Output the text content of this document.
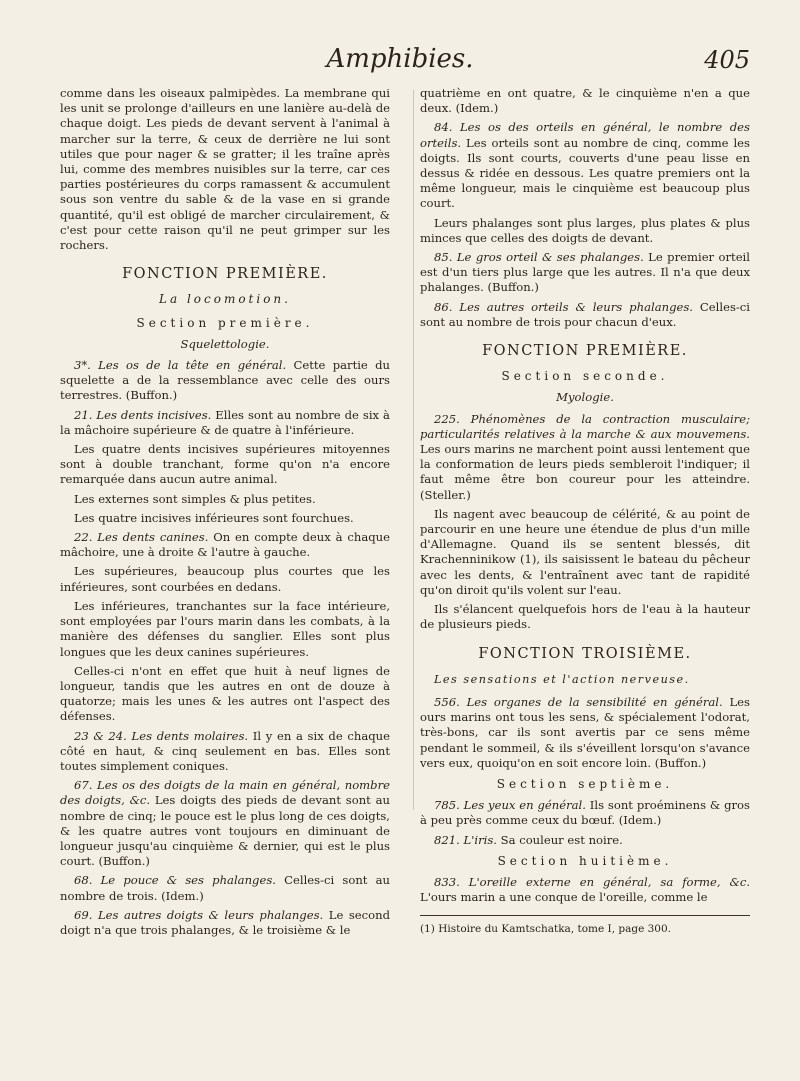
Amphibies.	405

comme dans les oiseaux palmipèdes. La membrane qui les unit se prolonge d'ailleurs en une lanière au-delà de chaque doigt. Les pieds de devant servent à l'animal à marcher sur la terre, & ceux de derrière ne lui sont utiles que pour nager & se gratter; il les traîne après lui, comme des membres nuisibles sur la terre, car ces parties postérieures du corps ramassent & accumulent sous son ventre du sable & de la vase en si grande quantité, qu'il est obligé de marcher circulairement, & c'est pour cette raison qu'il ne peut grimper sur les rochers.

FONCTION PREMIÈRE.
La locomotion.
Section première.
Squelettologie.

3*. Les os de la tête en général. Cette partie du squelette a de la ressemblance avec celle des ours terrestres. (Buffon.)

21. Les dents incisives. Elles sont au nombre de six à la mâchoire supérieure & de quatre à l'inférieure.

Les quatre dents incisives supérieures mitoyennes sont à double tranchant, forme qu'on n'a encore remarquée dans aucun autre animal.

Les externes sont simples & plus petites.

Les quatre incisives inférieures sont fourchues.

22. Les dents canines. On en compte deux à chaque mâchoire, une à droite & l'autre à gauche.

Les supérieures, beaucoup plus courtes que les inférieures, sont courbées en dedans.

Les inférieures, tranchantes sur la face intérieure, sont employées par l'ours marin dans les combats, à la manière des défenses du sanglier. Elles sont plus longues que les deux canines supérieures.

Celles-ci n'ont en effet que huit à neuf lignes de longueur, tandis que les autres en ont de douze à quatorze; mais les unes & les autres ont l'aspect des défenses.

23 & 24. Les dents molaires. Il y en a six de chaque côté en haut, & cinq seulement en bas. Elles sont toutes simplement coniques.

67. Les os des doigts de la main en général, nombre des doigts, &c. Les doigts des pieds de devant sont au nombre de cinq; le pouce est le plus long de ces doigts, & les quatre autres vont toujours en diminuant de longueur jusqu'au cinquième & dernier, qui est le plus court. (Buffon.)

68. Le pouce & ses phalanges. Celles-ci sont au nombre de trois. (Idem.)

69. Les autres doigts & leurs phalanges. Le second doigt n'a que trois phalanges, & le troisième & le

quatrième en ont quatre, & le cinquième n'en a que deux. (Idem.)

84. Les os des orteils en général, le nombre des orteils. Les orteils sont au nombre de cinq, comme les doigts. Ils sont courts, couverts d'une peau lisse en dessus & ridée en dessous. Les quatre premiers ont la même longueur, mais le cinquième est beaucoup plus court.

Leurs phalanges sont plus larges, plus plates & plus minces que celles des doigts de devant.

85. Le gros orteil & ses phalanges. Le premier orteil est d'un tiers plus large que les autres. Il n'a que deux phalanges. (Buffon.)

86. Les autres orteils & leurs phalanges. Celles-ci sont au nombre de trois pour chacun d'eux.

FONCTION PREMIÈRE.
Section seconde.
Myologie.

225. Phénomènes de la contraction musculaire; particularités relatives à la marche & aux mouvemens. Les ours marins ne marchent point aussi lentement que la conformation de leurs pieds sembleroit l'indiquer; il faut même être bon coureur pour les atteindre. (Steller.)

Ils nagent avec beaucoup de célérité, & au point de parcourir en une heure une étendue de plus d'un mille d'Allemagne. Quand ils se sentent blessés, dit Krachenninikow (1), ils saisissent le bateau du pêcheur avec les dents, & l'entraînent avec tant de rapidité qu'on diroit qu'ils volent sur l'eau.

Ils s'élancent quelquefois hors de l'eau à la hauteur de plusieurs pieds.

FONCTION TROISIÈME.
Les sensations et l'action nerveuse.

556. Les organes de la sensibilité en général. Les ours marins ont tous les sens, & spécialement l'odorat, très-bons, car ils sont avertis par ce sens même pendant le sommeil, & ils s'éveillent lorsqu'on s'avance vers eux, quoiqu'on en soit encore loin. (Buffon.)

Section septième.

785. Les yeux en général. Ils sont proéminens & gros à peu près comme ceux du bœuf. (Idem.)

821. L'iris. Sa couleur est noire.

Section huitième.

833. L'oreille externe en général, sa forme, &c. L'ours marin a une conque de l'oreille, comme le

(1) Histoire du Kamtschatka, tome I, page 300.
